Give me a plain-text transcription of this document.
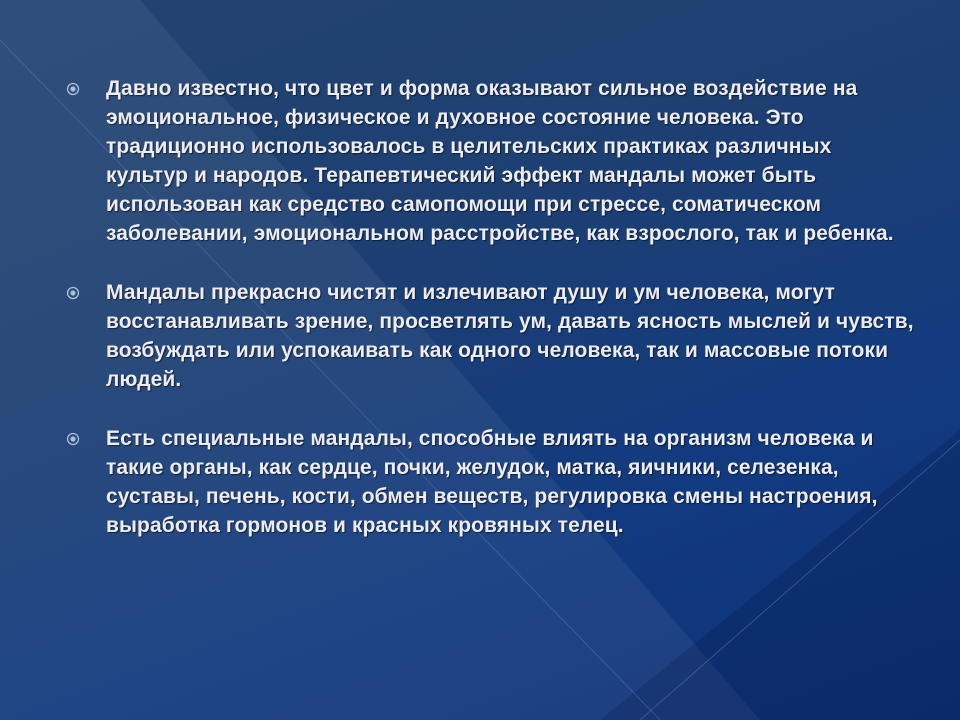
Давно известно, что цвет и форма оказывают сильное воздействие на эмоциональное, физическое и духовное состояние человека. Это традиционно использовалось в целительских практиках различных культур и народов. Терапевтический эффект мандалы может быть использован как средство самопомощи при стрессе, соматическом заболевании, эмоциональном расстройстве, как взрослого, так и ребенка.
Мандалы прекрасно чистят и излечивают душу и ум человека, могут восстанавливать зрение, просветлять ум, давать ясность мыслей и чувств, возбуждать или успокаивать как одного человека, так и массовые потоки людей.
Есть специальные мандалы, способные влиять на организм человека и такие органы, как сердце, почки, желудок, матка, яичники, селезенка, суставы, печень, кости, обмен веществ, регулировка смены настроения, выработка гормонов и красных кровяных телец.
